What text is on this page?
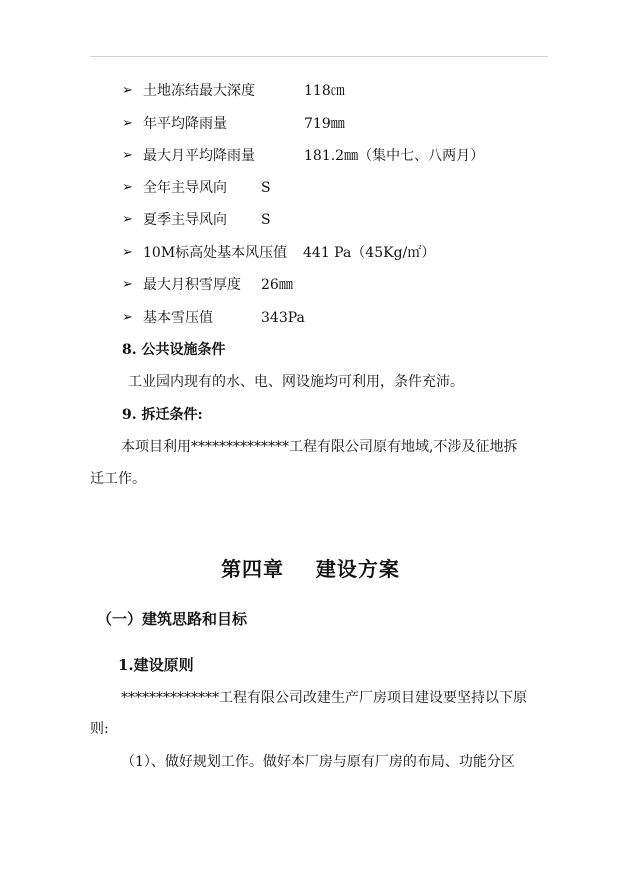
➢ 土地冻结最大深度	118㎝
➢ 年平均降雨量	719㎜
➢ 最大月平均降雨量	181.2㎜（集中七、八两月）
➢ 全年主导风向 S
➢ 夏季主导风向 S
➢ 10M标高处基本风压值 441 Pa（45Kg/㎡）
➢ 最大月积雪厚度 26㎜
➢ 基本雪压值	343Pa
8. 公共设施条件
工业园内现有的水、电、网设施均可利用，条件充沛。
9. 拆迁条件:
本项目利用**************工程有限公司原有地域,不涉及征地拆
迁工作。
第四章    建设方案
（一）建筑思路和目标
1.建设原则
**************工程有限公司改建生产厂房项目建设要坚持以下原
则:
（1）、做好规划工作。做好本厂房与原有厂房的布局、功能分区
